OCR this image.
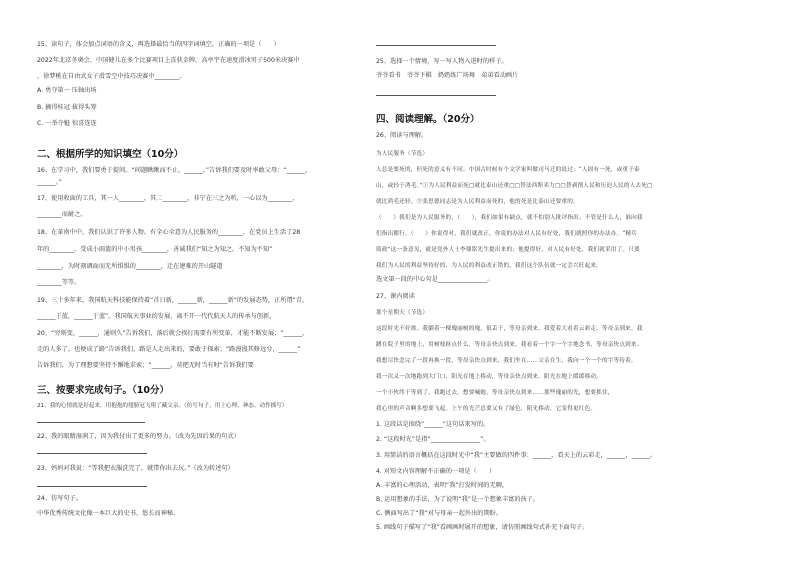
15、读句子，体会加点词语的含义，再选择最恰当的四字词填空，正确的一项是（　　）
2022年北京冬奥会，中国健儿在多个比赛项目上喜获金牌，高亭宇在速度滑冰男子500米决赛中
，徐梦桃在自由式女子滑雪空中技巧决赛中________。
A. 勇夺第一 压轴出场
B. 摘得桂冠 拔得头筹
C. 一举夺魁 惊喜连连
二、根据所学的知识填空（10分）
16、在学习中，我们要勇于提问。“问题瞅瞅而不止，______。”告诉我们要及时率敢父母：“______，
______。”
17、使用收面的工具，其一人________，其二________，非宁在三之为听，一心以为________，
________而耐之。
18、在革南中中，我们认识了许多人物。有全心全意为人民服务的________，在党员上生活了28
年的________，受成小雨篮的中小男孩________，善诚我们“知之为知之，不知为不知”
________，为时刻调面而无所惧惧的________，迁在建难的开山隧道
________等等。
19、三十多年来，我国航天科技能保持着“首日新，______新，______新”的发展态势，正所谓“青，
______于蓝，______于蓝”。我国航天事业的发展，离不开一代代航天人的传承与创新。
20、“穷则变，______，通则久”告诉我们，落后就会挨打需要有所变革，才能不断发展；“______，
走的人多了，也便成了路”告诉我们，路是人走出来的，要敢于探索；“路漫漫其修远兮，______”
告诉我们，为了理想要坚持不懈地求索；“______，莫把无时当有时”告诉我们要
三、按要求完成句子。（10分）
21、我的心情就是好起来，用抱抱的翅膀冠飞翔了藏父亲。（仿写句子，用上心理、神态、动作描写）
22、我的眼睛湿润了，因为我付出了更多的努力。（改为先因后果的句式）
23、妈妈对我说：“等我把衣服洗完了，就带你出去玩。”（改为转述句）
24、仿写句子。
中华优秀传统文化像一本巨大的史书，悠长而神秘。
25、选择一个情境，写一写人物入进时的样子。
爷爷看书　爷爷下棋　奶奶练广场舞　弟弟看动画片
四、阅读理解。（20分）
26、阅读与理解。
为人民服务（节选）
人总是要死的，但死的意义有不同。中国古时候有个文学家叫做司马迁的说过：“人固有一死，或重于泰
山，或轻于鸿毛。”①为人民利益而死□就比泰山还重□□替法西斯卖力□□替剥削人民和压迫人民的人去死□
就比鸿毛还轻。③张思德同志是为人民利益而死的，他的死是比泰山还要重的。
（　　）我们是为人民服务的，（　　），我们如果有缺点，就不怕别人批评指出。不管是什么人，谁向我
们指出都行。（　　）你说得对，我们就改正。你说的办法对人民有好处，我们就照你的办法办。“精兵
简政”这一条意见，就是党外人士李鼎铭先生提出来的；他提得好，对人民有好处，我们就采用了。只要
我们为人民的利益坚持好的，为人民的利益改正错的，我们这个队伍就一定会兴旺起来。
选文第一段的中心句是________________。
27、课内阅读
那个星期天（节选）
这段时光不好挨。我躺着一棵瑰丽树的瑰，很丢干，等母亲到来，我爱着大看着云彩走，等母亲到来。我
蹲在院子里的地上，用树枝抠点什么，等母亲快点到来。我看着一个字一个字地念书，等母亲快点到来。
我想尽快念完了一段再换一段，等母亲快点到来，我们坐在……父亲在生，我向一个一个的字等待着。
我一次又一次地跑到大门口，阳光在地上移动，等母亲快点到来。阳光在地上缓缓移动。
一个小伙终于等到了，我跑过去，想要喊她，等母亲快点到来……那些瑰丽的光，想要抓住，
我心里的声音啊多想要飞起。上午的光芒总要又有了绿色，阳光移动，它变得更红色。
1. 这段话是围绕“______”这句话来写的。
2. “这段时光”是指“________________”。
3. 用简洁的语言概括在这段时光中“我”主要做的四件事：______，看天上的云彩走，______，______。
4. 对短文内容理解不正确的一项是（　　）
A. 丰富的心理活动，表明“我”打发时间的无聊。
B. 运用想象的手法，为了说明“我”是一个想象丰富的孩子。
C. 侧面写出了“我”对与母亲一起外出的期盼。
5. 画线句子描写了“我”看画画时展开的想象，请仿照画线句式补充下面句子。
